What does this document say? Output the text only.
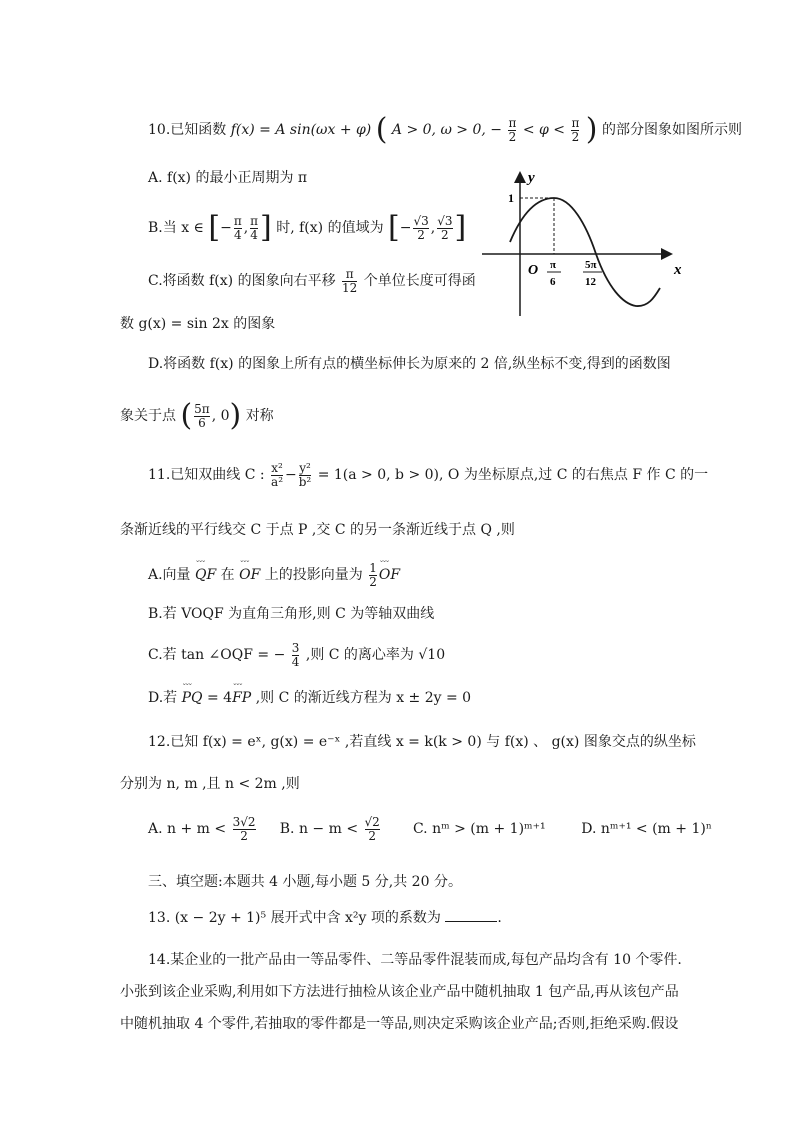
10.已知函数 f(x) = A sin(ωx + φ) ( A > 0, ω > 0, − $\frac{\pi}{2} < \varphi < \frac{\pi}{2}$ ) 的部分图象如图所示则
A. f(x) 的最小正周期为 π
B.当 x ∈ [− $\frac{\pi}{4}$ , $\frac{\pi}{4}$ ] 时, f(x) 的值域为 [− $\frac{√3}{2}$ , $\frac{√3}{2}$ ]
C.将函数 f(x) 的图象向右平移 $\frac{\pi}{12}$ 个单位长度可得函
数 g(x) = sin 2x 的图象
D.将函数 f(x) 的图象上所有点的横坐标伸长为原来的 2 倍,纵坐标不变,得到的函数图
象关于点 ( $\frac{5\pi}{6}$ , 0) 对称
y
x
1
O π
6
5π
12
11.已知双曲线 C : $\frac{\text{x²}}{\text{a²}} - \frac{\text{y²}}{\text{b²}} = 1(a > 0$, b > 0), O 为坐标原点,过 C 的右焦点 F 作 C 的一
条渐近线的平行线交 C 于点 P ,交 C 的另一条渐近线于点 Q ,则
A.向量 ˘˘˘ QF 在 ˘˘˘ OF 上的投影向量为 $\frac{1}{2}$ ˘˘˘ OF
B.若 VOQF 为直角三角形,则 C 为等轴双曲线
C.若 tan ∠OQF = − $\frac{3}{4}$ ,则 C 的离心率为 √10
D.若 ˘˘˘ PQ = 4˘˘˘ FP ,则 C 的渐近线方程为 x ± 2y = 0
12.已知 f(x) = eˣ, g(x) = e⁻ˣ ,若直线 x = k(k > 0) 与 f(x) 、 g(x) 图象交点的纵坐标
分别为 n, m ,且 n < 2m ,则
A. $n + m < \frac{3√2}{2} B$. $n - m < \frac{√2}{2} C$. nᵐ > (m + 1)ᵐ⁺¹	D. nᵐ⁺¹ < (m + 1)ⁿ
三、填空题:本题共 4 小题,每小题 5 分,共 20 分。
13. (x − 2y + 1)⁵ 展开式中含 x²y 项的系数为	.
14.某企业的一批产品由一等品零件、二等品零件混装而成,每包产品均含有 10 个零件.
小张到该企业采购,利用如下方法进行抽检从该企业产品中随机抽取 1 包产品,再从该包产品
中随机抽取 4 个零件,若抽取的零件都是一等品,则决定采购该企业产品;否则,拒绝采购.假设
